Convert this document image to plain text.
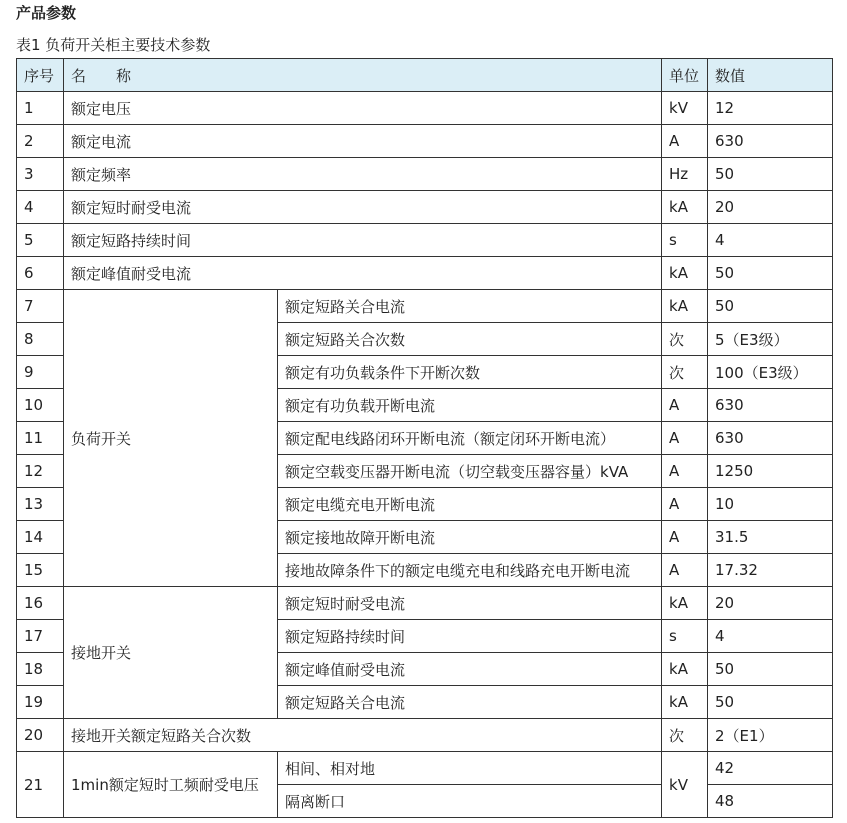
产品参数
表1 负荷开关柜主要技术参数
序号	名　　称		单位	数值
1	额定电压		kV	12
2	额定电流		A	630
3	额定频率		Hz	50
4	额定短时耐受电流		kA	20
5	额定短路持续时间		s	4
6	额定峰值耐受电流		kA	50
7	负荷开关	额定短路关合电流	kA	50
8		额定短路关合次数	次	5（E3级）
9		额定有功负载条件下开断次数	次	100（E3级）
10		额定有功负载开断电流	A	630
11		额定配电线路闭环开断电流（额定闭环开断电流）	A	630
12		额定空载变压器开断电流（切空载变压器容量）kVA	A	1250
13		额定电缆充电开断电流	A	10
14		额定接地故障开断电流	A	31.5
15		接地故障条件下的额定电缆充电和线路充电开断电流	A	17.32
16	接地开关	额定短时耐受电流	kA	20
17		额定短路持续时间	s	4
18		额定峰值耐受电流	kA	50
19		额定短路关合电流	kA	50
20	接地开关额定短路关合次数		次	2（E1）
21	1min额定短时工频耐受电压	相间、相对地	kV	42
		隔离断口		48
